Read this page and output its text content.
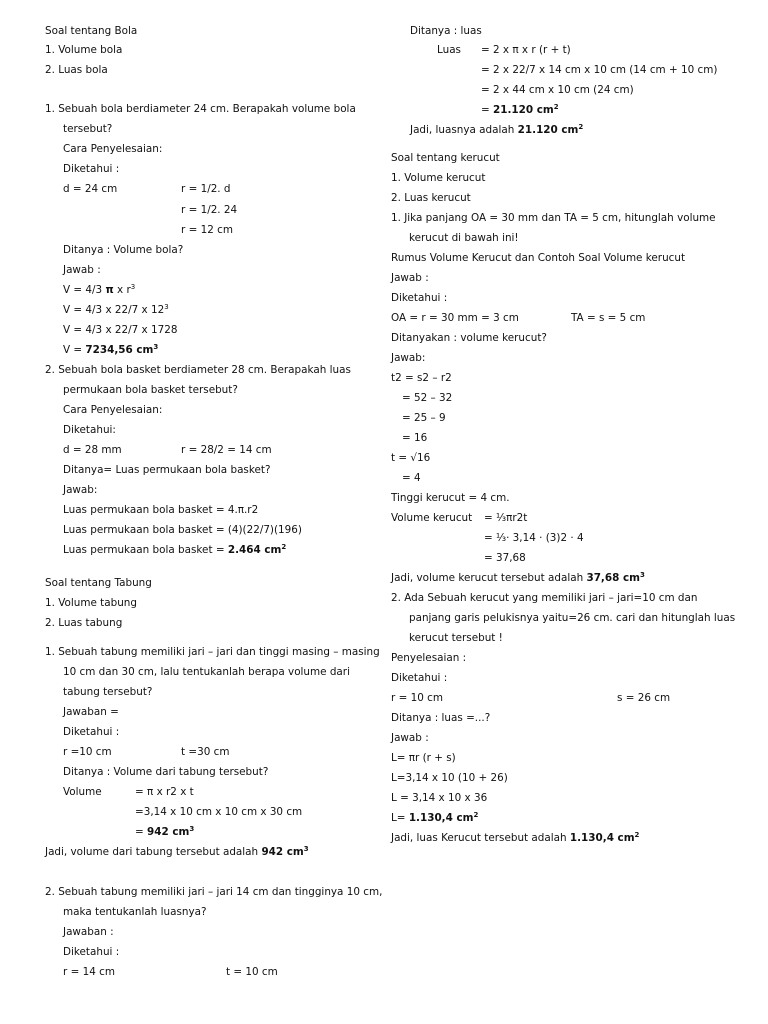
Soal tentang Bola
1. Volume bola
2. Luas bola
1. Sebuah bola berdiameter 24 cm. Berapakah volume bola
tersebut?
Cara Penyelesaian:
Diketahui :
d = 24 cm	r = 1/2. d
r = 1/2. 24
r = 12 cm
Ditanya : Volume bola?
Jawab :
V = 4/3 π x $r^3$
V = 4/3 x 22/7 x $12^3$
V = 4/3 x 22/7 x 1728
V = 7234,56 $cm^3$
2. Sebuah bola basket berdiameter 28 cm. Berapakah luas
permukaan bola basket tersebut?
Cara Penyelesaian:
Diketahui:
d = 28 mm	r = 28/2 = 14 cm
Ditanya= Luas permukaan bola basket?
Jawab:
Luas permukaan bola basket = 4.π.r2
Luas permukaan bola basket = (4)(22/7)(196)
Luas permukaan bola basket = 2.464 $cm^2$
Soal tentang Tabung
1. Volume tabung
2. Luas tabung
1. Sebuah tabung memiliki jari – jari dan tinggi masing – masing
10 cm dan 30 cm, lalu tentukanlah berapa volume dari
tabung tersebut?
Jawaban =
Diketahui :
r =10 cm	t =30 cm
Ditanya : Volume dari tabung tersebut?
Volume	= π x r2 x t
=3,14 x 10 cm x 10 cm x 30 cm
= 942 $cm^3$
Jadi, volume dari tabung tersebut adalah 942 $cm^3$
2. Sebuah tabung memiliki jari – jari 14 cm dan tingginya 10 cm,
maka tentukanlah luasnya?
Jawaban :
Diketahui :
r = 14 cm	t = 10 cm
Ditanya : luas
Luas = 2 x π x r (r + t)
= 2 x 22/7 x 14 cm x 10 cm (14 cm + 10 cm)
= 2 x 44 cm x 10 cm (24 cm)
= 21.120 $cm^2$
Jadi, luasnya adalah 21.120 $cm^2$
Soal tentang kerucut
1. Volume kerucut
2. Luas kerucut
1. Jika panjang OA = 30 mm dan TA = 5 cm, hitunglah volume
kerucut di bawah ini!
Rumus Volume Kerucut dan Contoh Soal Volume kerucut
Jawab :
Diketahui :
OA = r = 30 mm = 3 cm	TA = s = 5 cm
Ditanyakan : volume kerucut?
Jawab:
t2 = s2 – r2
= 52 – 32
= 25 – 9
= 16
t = √16
= 4
Tinggi kerucut = 4 cm.
Volume kerucut = ⅓πr2t
= ⅓· 3,14 · (3)2 · 4
= 37,68
Jadi, volume kerucut tersebut adalah 37,68 $cm^3$
2. Ada Sebuah kerucut yang memiliki jari – jari=10 cm dan
panjang garis pelukisnya yaitu=26 cm. cari dan hitunglah luas
kerucut tersebut !
Penyelesaian :
Diketahui :
r = 10 cm	s = 26 cm
Ditanya : luas =...?
Jawab :
L= πr (r + s)
L=3,14 x 10 (10 + 26)
L = 3,14 x 10 x 36
L= 1.130,4 $cm^2$
Jadi, luas Kerucut tersebut adalah 1.130,4 $cm^2$
